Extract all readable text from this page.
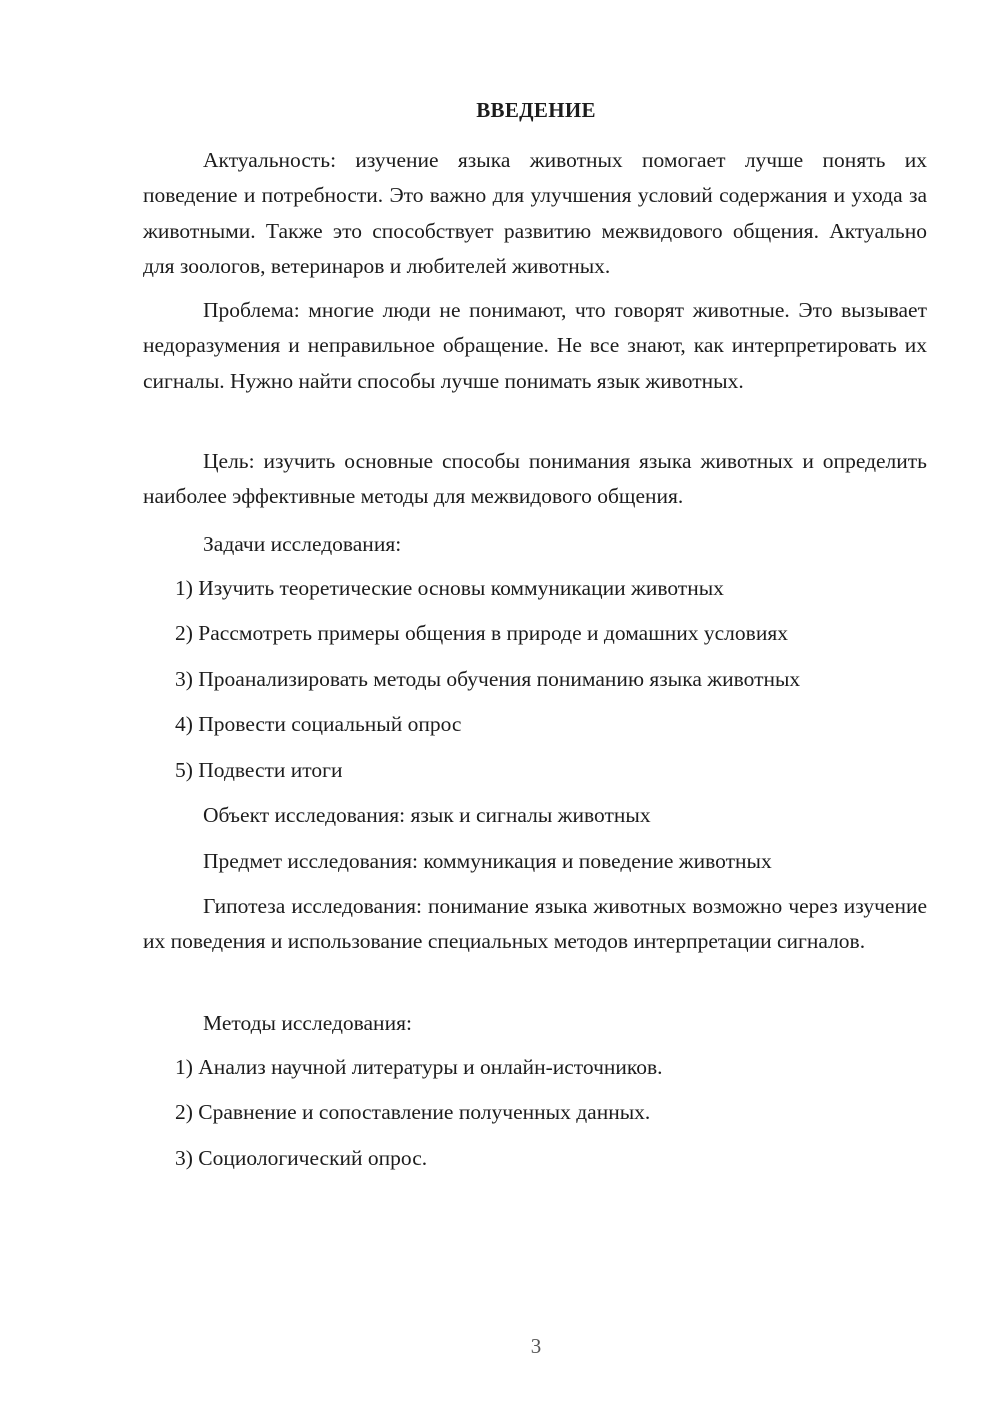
ВВЕДЕНИЕ

Актуальность: изучение языка животных помогает лучше понять их поведение и потребности. Это важно для улучшения условий содержания и ухода за животными. Также это способствует развитию межвидового общения. Актуально для зоологов, ветеринаров и любителей животных.

Проблема: многие люди не понимают, что говорят животные. Это вызывает недоразумения и неправильное обращение. Не все знают, как интерпретировать их сигналы. Нужно найти способы лучше понимать язык животных.

Цель: изучить основные способы понимания языка животных и определить наиболее эффективные методы для межвидового общения.

Задачи исследования:

1) Изучить теоретические основы коммуникации животных

2) Рассмотреть примеры общения в природе и домашних условиях

3) Проанализировать методы обучения пониманию языка животных

4) Провести социальный опрос

5) Подвести итоги

Объект исследования: язык и сигналы животных

Предмет исследования: коммуникация и поведение животных

Гипотеза исследования: понимание языка животных возможно через изучение их поведения и использование специальных методов интерпретации сигналов.

Методы исследования:

1) Анализ научной литературы и онлайн-источников.

2) Сравнение и сопоставление полученных данных.

3) Социологический опрос.

3
